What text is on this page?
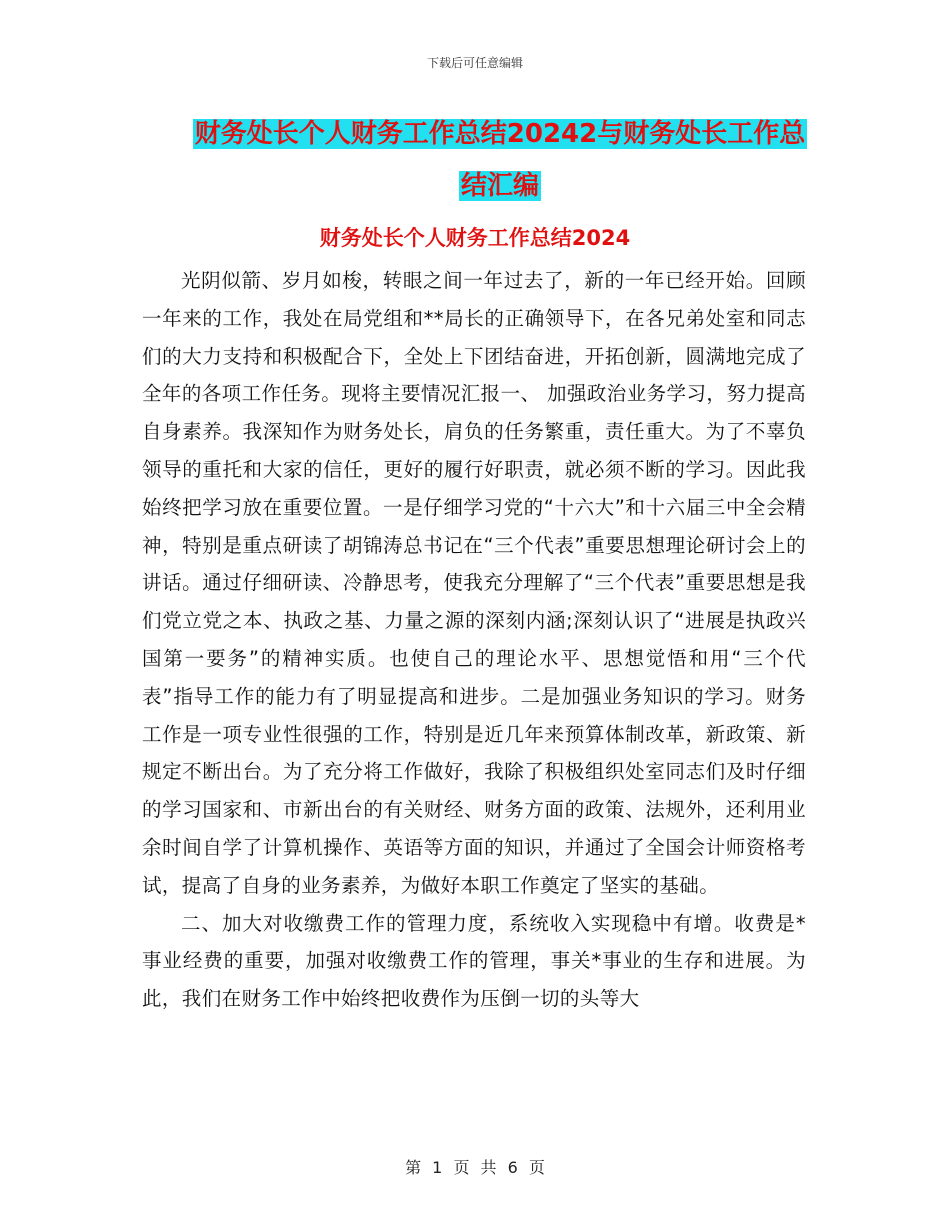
下载后可任意编辑
财务处长个人财务工作总结20242与财务处长工作总
结汇编
财务处长个人财务工作总结2024

光阴似箭、岁月如梭，转眼之间一年过去了，新的一年已经开始。回顾一年来的工作，我处在局党组和**局长的正确领导下，在各兄弟处室和同志们的大力支持和积极配合下，全处上下团结奋进，开拓创新，圆满地完成了全年的各项工作任务。现将主要情况汇报一、 加强政治业务学习，努力提高自身素养。我深知作为财务处长，肩负的任务繁重，责任重大。为了不辜负领导的重托和大家的信任，更好的履行好职责，就必须不断的学习。因此我始终把学习放在重要位置。一是仔细学习党的“十六大”和十六届三中全会精神，特别是重点研读了胡锦涛总书记在“三个代表”重要思想理论研讨会上的讲话。通过仔细研读、冷静思考，使我充分理解了“三个代表”重要思想是我们党立党之本、执政之基、力量之源的深刻内涵;深刻认识了“进展是执政兴国第一要务”的精神实质。也使自己的理论水平、思想觉悟和用“三个代表”指导工作的能力有了明显提高和进步。二是加强业务知识的学习。财务工作是一项专业性很强的工作，特别是近几年来预算体制改革，新政策、新规定不断出台。为了充分将工作做好，我除了积极组织处室同志们及时仔细的学习国家和、市新出台的有关财经、财务方面的政策、法规外，还利用业余时间自学了计算机操作、英语等方面的知识，并通过了全国会计师资格考试，提高了自身的业务素养，为做好本职工作奠定了坚实的基础。

二、加大对收缴费工作的管理力度，系统收入实现稳中有增。收费是*事业经费的重要，加强对收缴费工作的管理，事关*事业的生存和进展。为此，我们在财务工作中始终把收费作为压倒一切的头等大

第 1 页 共 6 页
